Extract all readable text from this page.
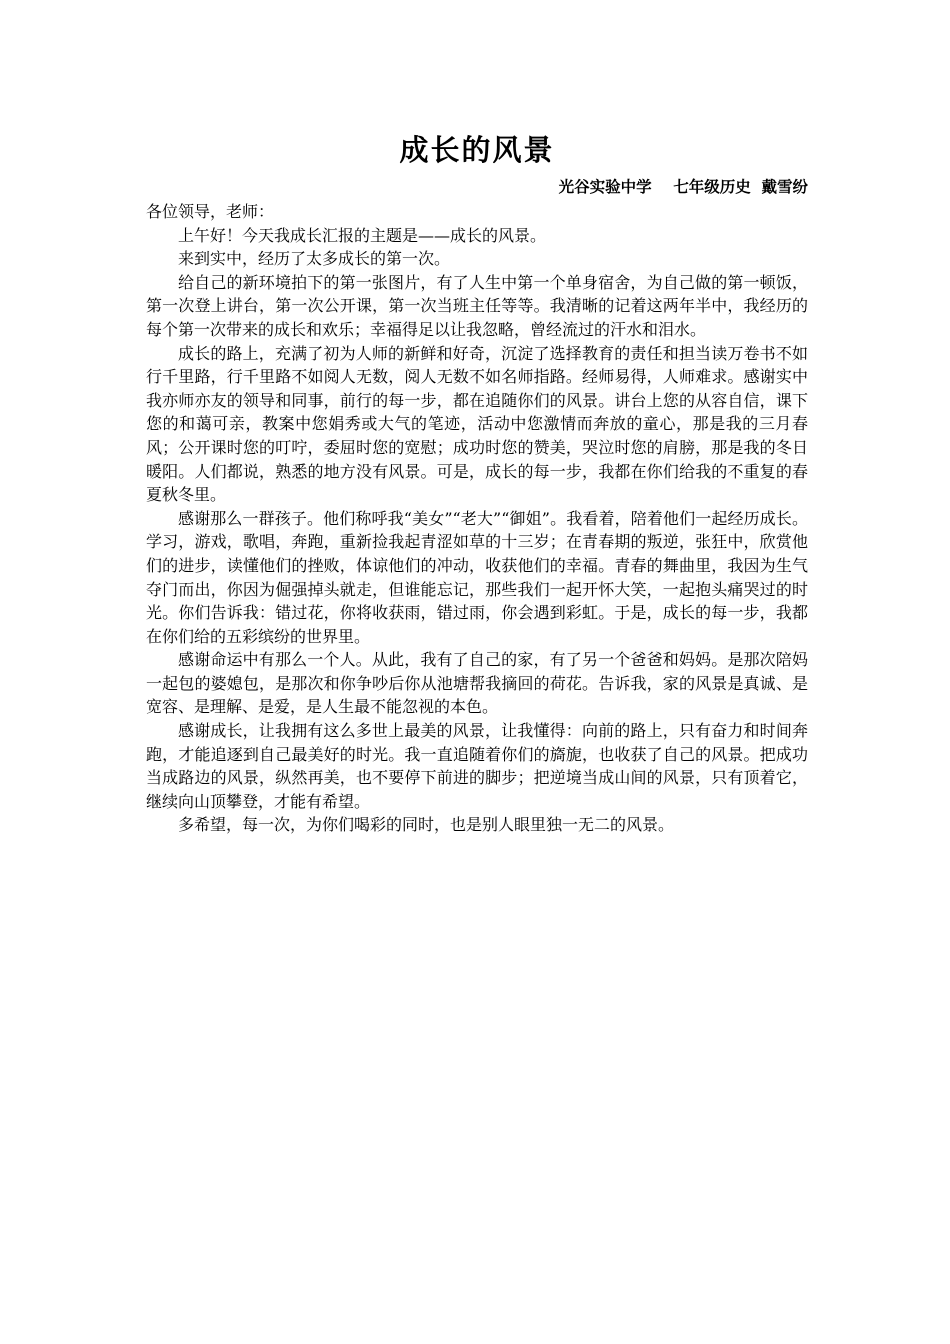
成长的风景
光谷实验中学    七年级历史  戴雪纷

各位领导，老师：

上午好！今天我成长汇报的主题是——成长的风景。

来到实中，经历了太多成长的第一次。

给自己的新环境拍下的第一张图片，有了人生中第一个单身宿舍，为自己做的第一顿饭，第一次登上讲台，第一次公开课，第一次当班主任等等。我清晰的记着这两年半中，我经历的每个第一次带来的成长和欢乐；幸福得足以让我忽略，曾经流过的汗水和泪水。

成长的路上，充满了初为人师的新鲜和好奇，沉淀了选择教育的责任和担当读万卷书不如行千里路，行千里路不如阅人无数，阅人无数不如名师指路。经师易得，人师难求。感谢实中我亦师亦友的领导和同事，前行的每一步，都在追随你们的风景。讲台上您的从容自信，课下您的和蔼可亲，教案中您娟秀或大气的笔迹，活动中您激情而奔放的童心，那是我的三月春风；公开课时您的叮咛，委屈时您的宽慰；成功时您的赞美，哭泣时您的肩膀，那是我的冬日暖阳。人们都说，熟悉的地方没有风景。可是，成长的每一步，我都在你们给我的不重复的春夏秋冬里。

感谢那么一群孩子。他们称呼我“美女”“老大”“御姐”。我看着，陪着他们一起经历成长。学习，游戏，歌唱，奔跑，重新捡我起青涩如草的十三岁；在青春期的叛逆，张狂中，欣赏他们的进步，读懂他们的挫败，体谅他们的冲动，收获他们的幸福。青春的舞曲里，我因为生气夺门而出，你因为倔强掉头就走，但谁能忘记，那些我们一起开怀大笑，一起抱头痛哭过的时光。你们告诉我：错过花，你将收获雨，错过雨，你会遇到彩虹。于是，成长的每一步，我都在你们给的五彩缤纷的世界里。

感谢命运中有那么一个人。从此，我有了自己的家，有了另一个爸爸和妈妈。是那次陪妈一起包的婆媳包，是那次和你争吵后你从池塘帮我摘回的荷花。告诉我，家的风景是真诚、是宽容、是理解、是爱，是人生最不能忽视的本色。

感谢成长，让我拥有这么多世上最美的风景，让我懂得：向前的路上，只有奋力和时间奔跑，才能追逐到自己最美好的时光。我一直追随着你们的旖旎，也收获了自己的风景。把成功当成路边的风景，纵然再美，也不要停下前进的脚步；把逆境当成山间的风景，只有顶着它，继续向山顶攀登，才能有希望。

多希望，每一次，为你们喝彩的同时，也是别人眼里独一无二的风景。
